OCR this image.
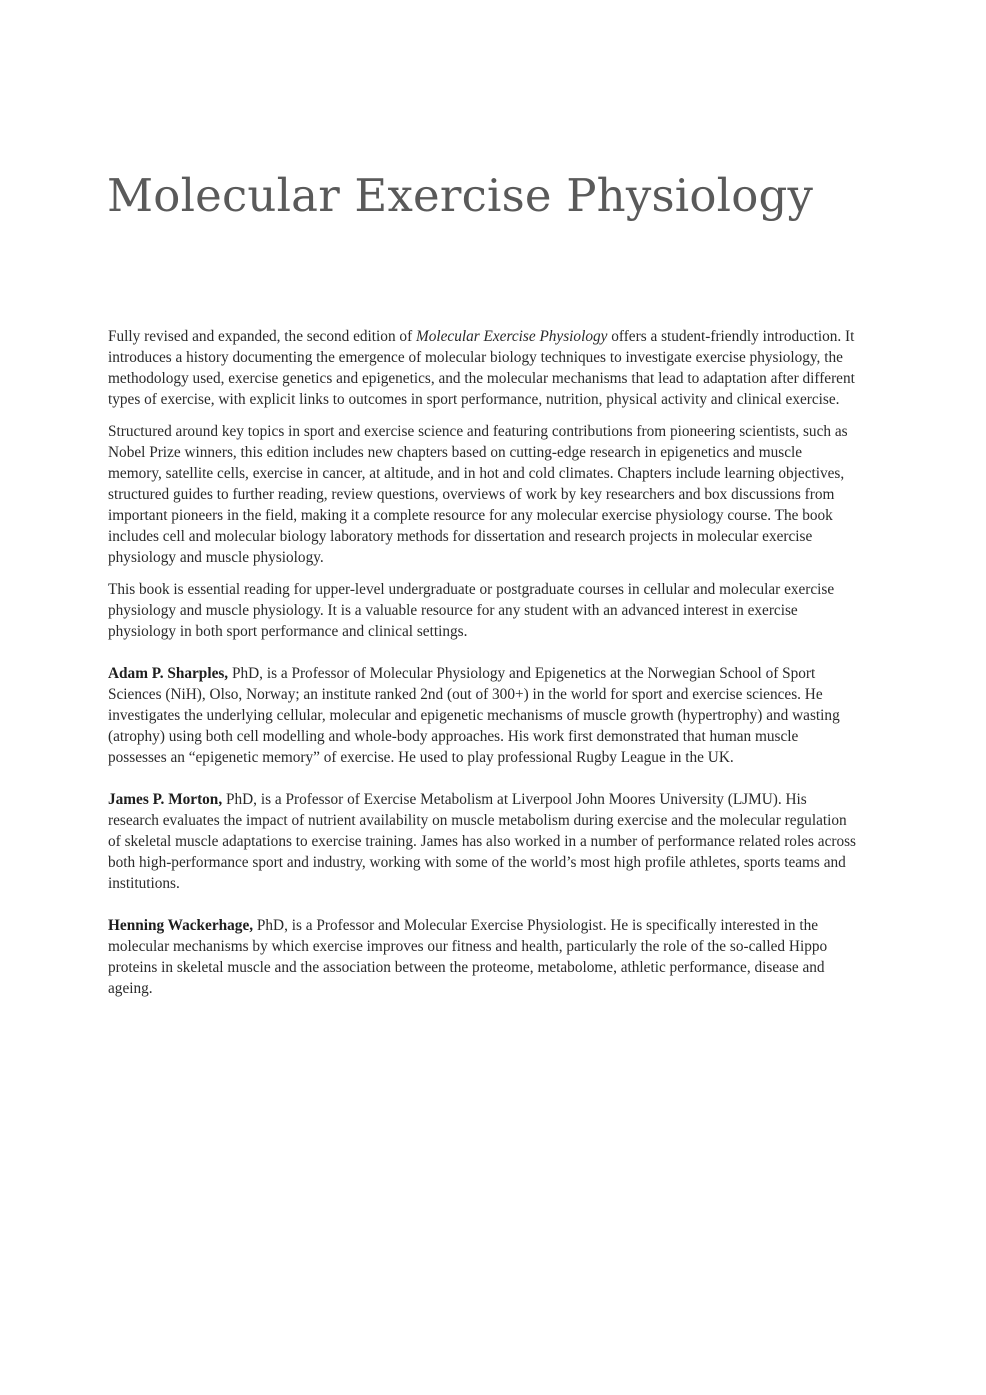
Molecular Exercise Physiology

Fully revised and expanded, the second edition of Molecular Exercise Physiology offers a student-friendly introduction. It introduces a history documenting the emergence of molecular biology techniques to investigate exercise physiology, the methodology used, exercise genetics and epigenetics, and the molecular mechanisms that lead to adaptation after different types of exercise, with explicit links to outcomes in sport performance, nutrition, physical activity and clinical exercise.

Structured around key topics in sport and exercise science and featuring contributions from pioneering scientists, such as Nobel Prize winners, this edition includes new chapters based on cutting-edge research in epigenetics and muscle memory, satellite cells, exercise in cancer, at altitude, and in hot and cold climates. Chapters include learning objectives, structured guides to further reading, review questions, overviews of work by key researchers and box discussions from important pioneers in the field, making it a complete resource for any molecular exercise physiology course. The book includes cell and molecular biology laboratory methods for dissertation and research projects in molecular exercise physiology and muscle physiology.

This book is essential reading for upper-level undergraduate or postgraduate courses in cellular and molecular exercise physiology and muscle physiology. It is a valuable resource for any student with an advanced interest in exercise physiology in both sport performance and clinical settings.

Adam P. Sharples, PhD, is a Professor of Molecular Physiology and Epigenetics at the Norwegian School of Sport Sciences (NiH), Olso, Norway; an institute ranked 2nd (out of 300+) in the world for sport and exercise sciences. He investigates the underlying cellular, molecular and epigenetic mechanisms of muscle growth (hypertrophy) and wasting (atrophy) using both cell modelling and whole-body approaches. His work first demonstrated that human muscle possesses an “epigenetic memory” of exercise. He used to play professional Rugby League in the UK.

James P. Morton, PhD, is a Professor of Exercise Metabolism at Liverpool John Moores University (LJMU). His research evaluates the impact of nutrient availability on muscle metabolism during exercise and the molecular regulation of skeletal muscle adaptations to exercise training. James has also worked in a number of performance related roles across both high-performance sport and industry, working with some of the world’s most high profile athletes, sports teams and institutions.

Henning Wackerhage, PhD, is a Professor and Molecular Exercise Physiologist. He is specifically interested in the molecular mechanisms by which exercise improves our fitness and health, particularly the role of the so-called Hippo proteins in skeletal muscle and the association between the proteome, metabolome, athletic performance, disease and ageing.
